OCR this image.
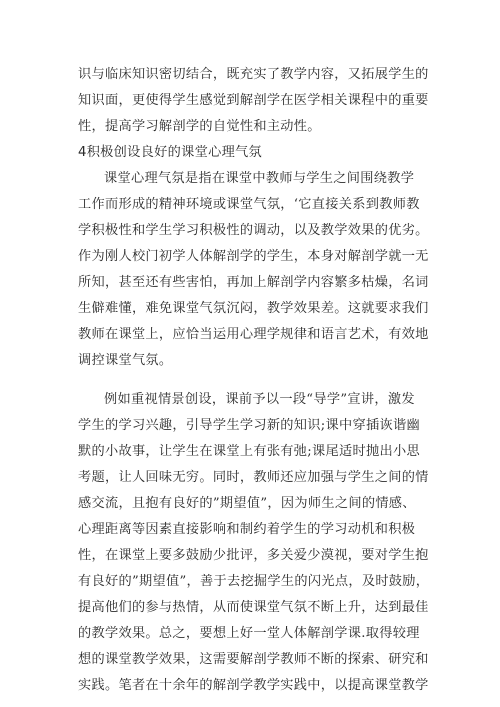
识与临床知识密切结合，既充实了教学内容，又拓展学生的
知识面，更使得学生感觉到解剖学在医学相关课程中的重要
性，提高学习解剖学的自觉性和主动性。
4积极创设良好的课堂心理气氛
课堂心理气氛是指在课堂中教师与学生之间围绕教学
工作而形成的精神环境或课堂气氛，‘它直接关系到教师教
学积极性和学生学习积极性的调动，以及教学效果的优劣。
作为刚人校门初学人体解剖学的学生，本身对解剖学就一无
所知，甚至还有些害怕，再加上解剖学内容繁多枯燥，名词
生僻难懂，难免课堂气氛沉闷，教学效果差。这就要求我们
教师在课堂上，应恰当运用心理学规律和语言艺术，有效地
调控课堂气氛。
例如重视情景创设，课前予以一段“导学”宣讲，激发
学生的学习兴趣，引导学生学习新的知识;课中穿插诙谐幽
默的小故事，让学生在课堂上有张有弛;课尾适时抛出小思
考题，让人回味无穷。同时，教师还应加强与学生之间的情
感交流，且抱有良好的”期望值”，因为师生之间的情感、
心理距离等因素直接影响和制约着学生的学习动机和积极
性，在课堂上要多鼓励少批评，多关爱少漠视，要对学生抱
有良好的”期望值”，善于去挖掘学生的闪光点，及时鼓励，
提高他们的参与热情，从而使课堂气氛不断上升，达到最佳
的教学效果。总之，要想上好一堂人体解剖学课.取得较理
想的课堂教学效果，这需要解剖学教师不断的探索、研究和
实践。笔者在十余年的解剖学教学实践中，以提高课堂教学
